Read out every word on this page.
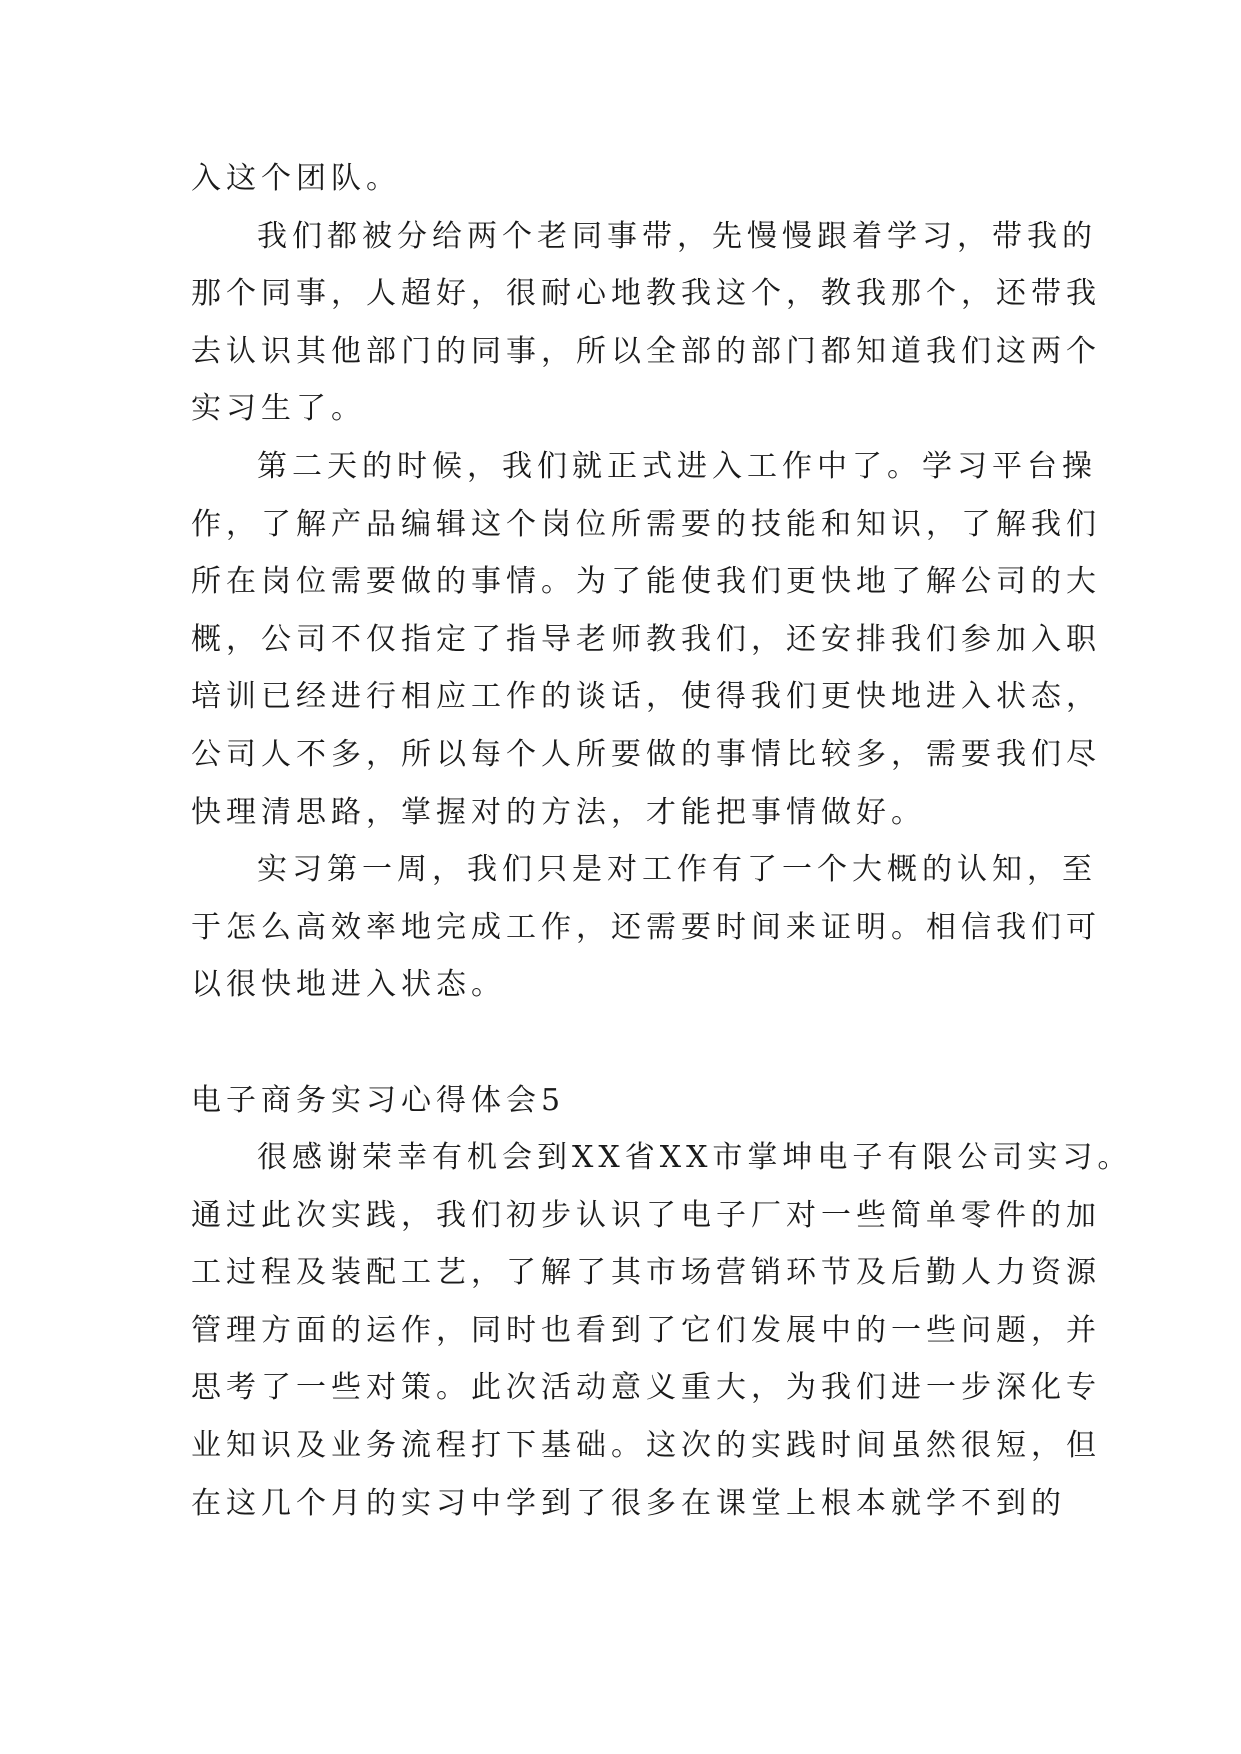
入这个团队。
我们都被分给两个老同事带，先慢慢跟着学习，带我的
那个同事，人超好，很耐心地教我这个，教我那个，还带我
去认识其他部门的同事，所以全部的部门都知道我们这两个
实习生了。
第二天的时候，我们就正式进入工作中了。学习平台操
作，了解产品编辑这个岗位所需要的技能和知识，了解我们
所在岗位需要做的事情。为了能使我们更快地了解公司的大
概，公司不仅指定了指导老师教我们，还安排我们参加入职
培训已经进行相应工作的谈话，使得我们更快地进入状态，
公司人不多，所以每个人所要做的事情比较多，需要我们尽
快理清思路，掌握对的方法，才能把事情做好。
实习第一周，我们只是对工作有了一个大概的认知，至
于怎么高效率地完成工作，还需要时间来证明。相信我们可
以很快地进入状态。
电子商务实习心得体会5
很感谢荣幸有机会到XX省XX市掌坤电子有限公司实习。
通过此次实践，我们初步认识了电子厂对一些简单零件的加
工过程及装配工艺，了解了其市场营销环节及后勤人力资源
管理方面的运作，同时也看到了它们发展中的一些问题，并
思考了一些对策。此次活动意义重大，为我们进一步深化专
业知识及业务流程打下基础。这次的实践时间虽然很短，但
在这几个月的实习中学到了很多在课堂上根本就学不到的
